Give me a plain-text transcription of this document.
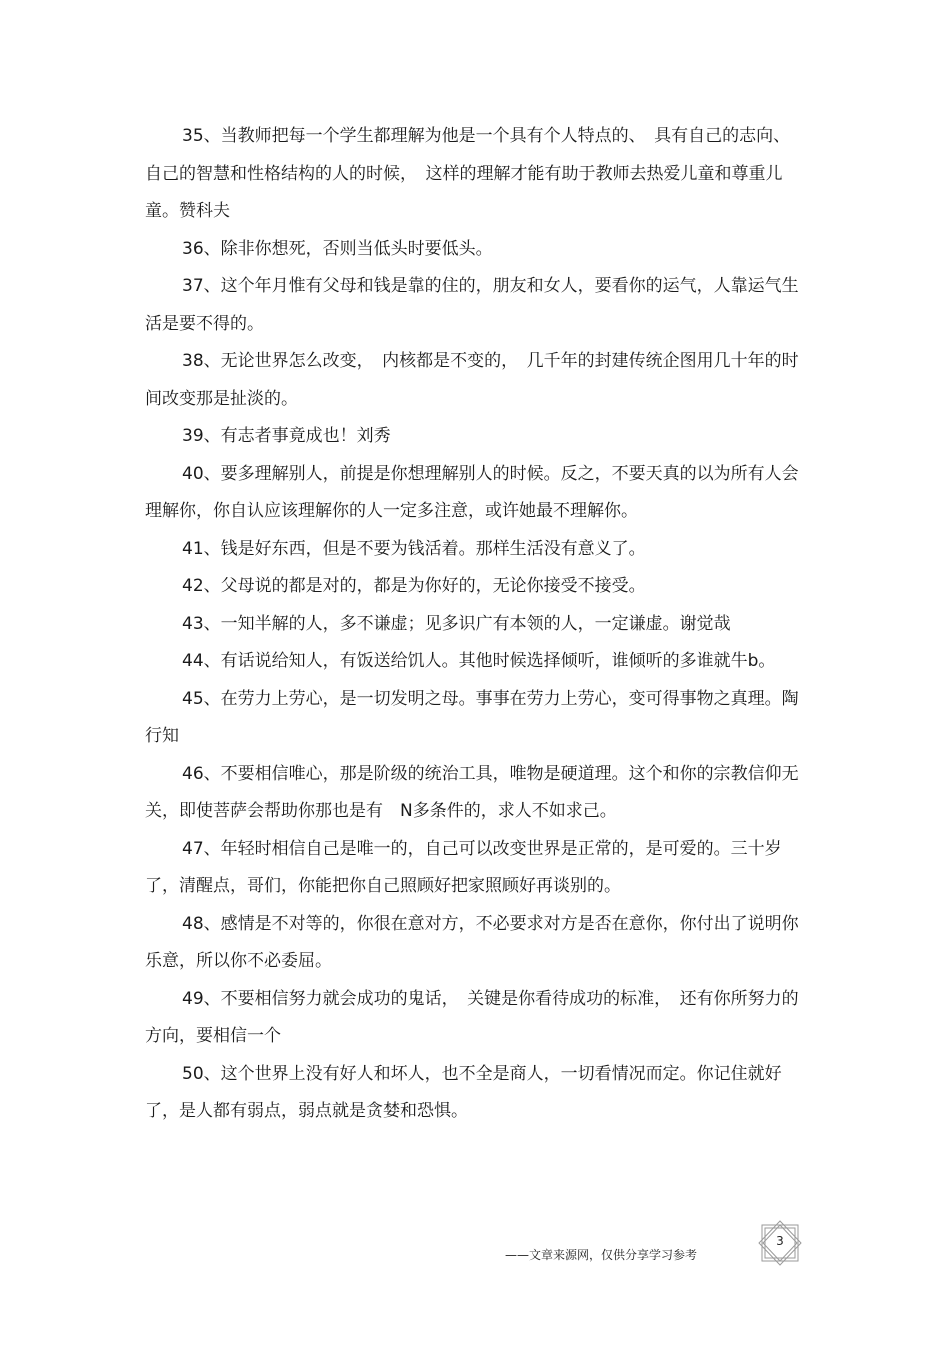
35、当教师把每一个学生都理解为他是一个具有个人特点的、　具有自己的志向、自己的智慧和性格结构的人的时候，　这样的理解才能有助于教师去热爱儿童和尊重儿童。赞科夫

36、除非你想死，否则当低头时要低头。

37、这个年月惟有父母和钱是靠的住的，朋友和女人，要看你的运气，人靠运气生活是要不得的。

38、无论世界怎么改变，　内核都是不变的，　几千年的封建传统企图用几十年的时间改变那是扯淡的。

39、有志者事竟成也！刘秀

40、要多理解别人，前提是你想理解别人的时候。反之，不要天真的以为所有人会理解你，你自认应该理解你的人一定多注意，或许她最不理解你。

41、钱是好东西，但是不要为钱活着。那样生活没有意义了。

42、父母说的都是对的，都是为你好的，无论你接受不接受。

43、一知半解的人，多不谦虚；见多识广有本领的人，一定谦虚。谢觉哉

44、有话说给知人，有饭送给饥人。其他时候选择倾听，谁倾听的多谁就牛b。

45、在劳力上劳心，是一切发明之母。事事在劳力上劳心，变可得事物之真理。陶行知

46、不要相信唯心，那是阶级的统治工具，唯物是硬道理。这个和你的宗教信仰无关，即使菩萨会帮助你那也是有　N多条件的，求人不如求己。

47、年轻时相信自己是唯一的，自己可以改变世界是正常的，是可爱的。三十岁了，清醒点，哥们，你能把你自己照顾好把家照顾好再谈别的。

48、感情是不对等的，你很在意对方，不必要求对方是否在意你，你付出了说明你乐意，所以你不必委屈。

49、不要相信努力就会成功的鬼话，　关键是你看待成功的标准，　还有你所努力的方向，要相信一个

50、这个世界上没有好人和坏人，也不全是商人，一切看情况而定。你记住就好了，是人都有弱点，弱点就是贪婪和恐惧。

——文章来源网，仅供分享学习参考
3
